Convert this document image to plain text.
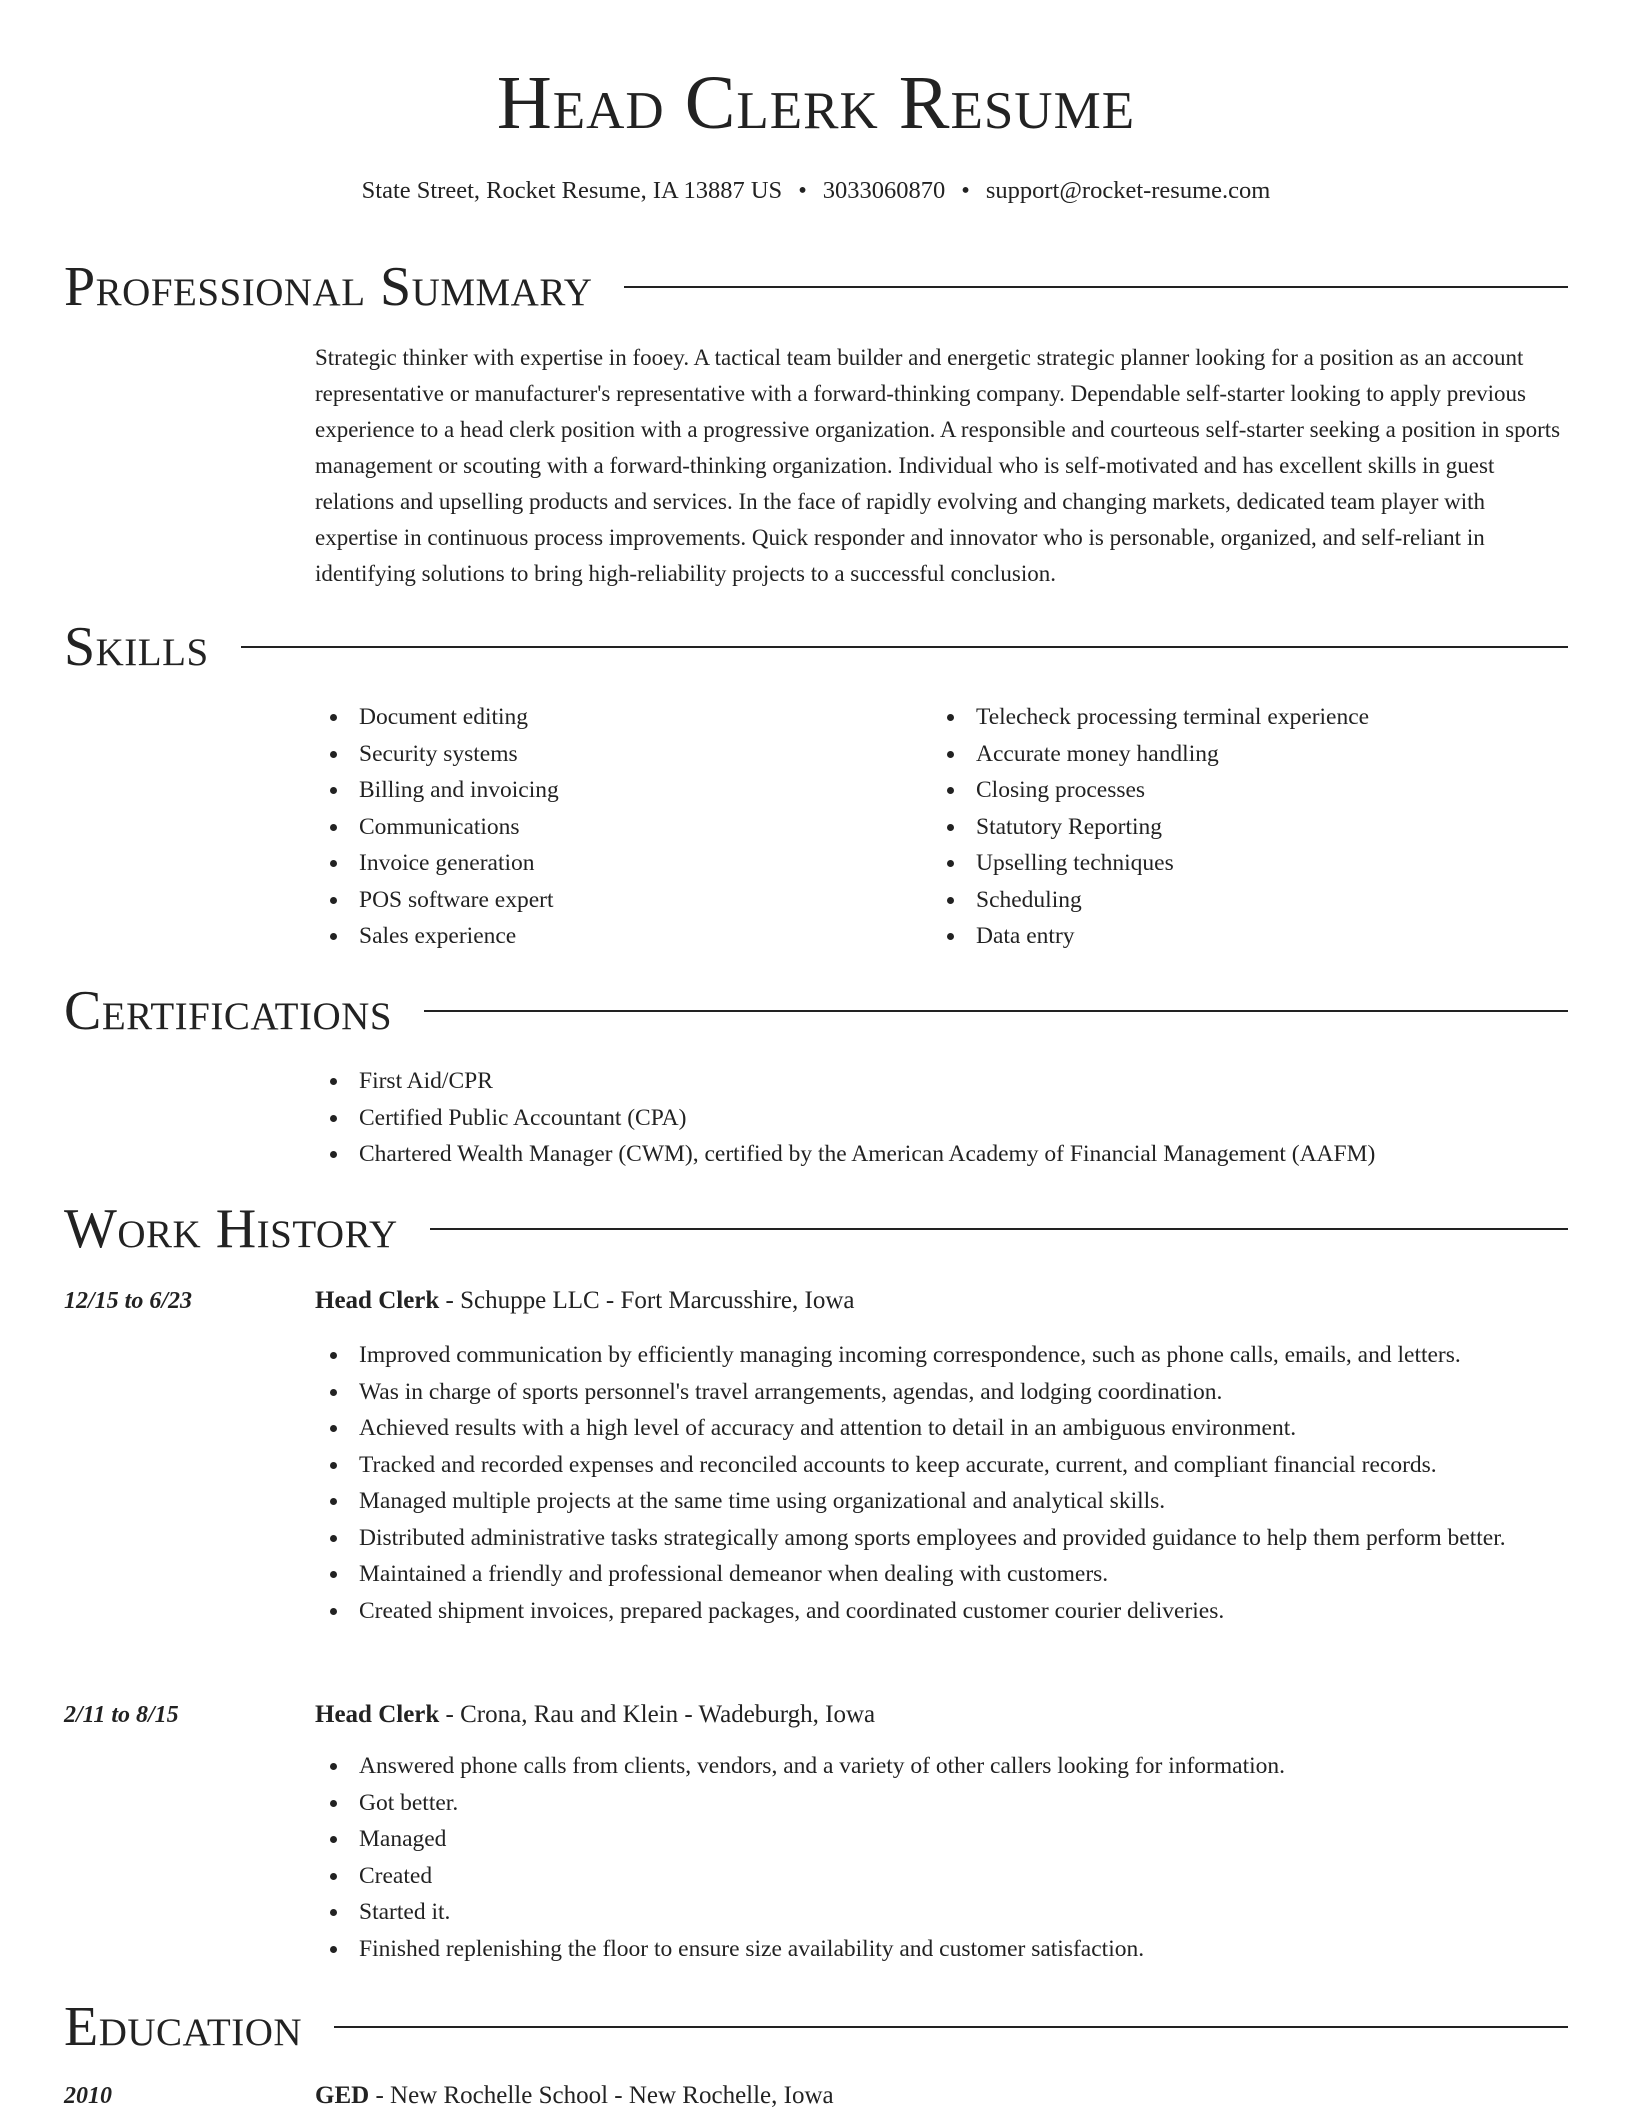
Head Clerk Resume
State Street, Rocket Resume, IA 13887 US • 3033060870 • support@rocket-resume.com
Professional Summary

Strategic thinker with expertise in fooey. A tactical team builder and energetic strategic planner looking for a position as an account representative or manufacturer's representative with a forward-thinking company. Dependable self-starter looking to apply previous experience to a head clerk position with a progressive organization. A responsible and courteous self-starter seeking a position in sports management or scouting with a forward-thinking organization. Individual who is self-motivated and has excellent skills in guest relations and upselling products and services. In the face of rapidly evolving and changing markets, dedicated team player with expertise in continuous process improvements. Quick responder and innovator who is personable, organized, and self-reliant in identifying solutions to bring high-reliability projects to a successful conclusion.

Skills
Document editing
Security systems
Billing and invoicing
Communications
Invoice generation
POS software expert
Sales experience
Telecheck processing terminal experience
Accurate money handling
Closing processes
Statutory Reporting
Upselling techniques
Scheduling
Data entry
Certifications
First Aid/CPR
Certified Public Accountant (CPA)
Chartered Wealth Manager (CWM), certified by the American Academy of Financial Management (AAFM)
Work History
12/15 to 6/23	Head Clerk - Schuppe LLC - Fort Marcusshire, Iowa
Improved communication by efficiently managing incoming correspondence, such as phone calls, emails, and letters.
Was in charge of sports personnel's travel arrangements, agendas, and lodging coordination.
Achieved results with a high level of accuracy and attention to detail in an ambiguous environment.
Tracked and recorded expenses and reconciled accounts to keep accurate, current, and compliant financial records.
Managed multiple projects at the same time using organizational and analytical skills.
Distributed administrative tasks strategically among sports employees and provided guidance to help them perform better.
Maintained a friendly and professional demeanor when dealing with customers.
Created shipment invoices, prepared packages, and coordinated customer courier deliveries.
2/11 to 8/15	Head Clerk - Crona, Rau and Klein - Wadeburgh, Iowa
Answered phone calls from clients, vendors, and a variety of other callers looking for information.
Got better.
Managed
Created
Started it.
Finished replenishing the floor to ensure size availability and customer satisfaction.
Education
2010	GED - New Rochelle School - New Rochelle, Iowa
